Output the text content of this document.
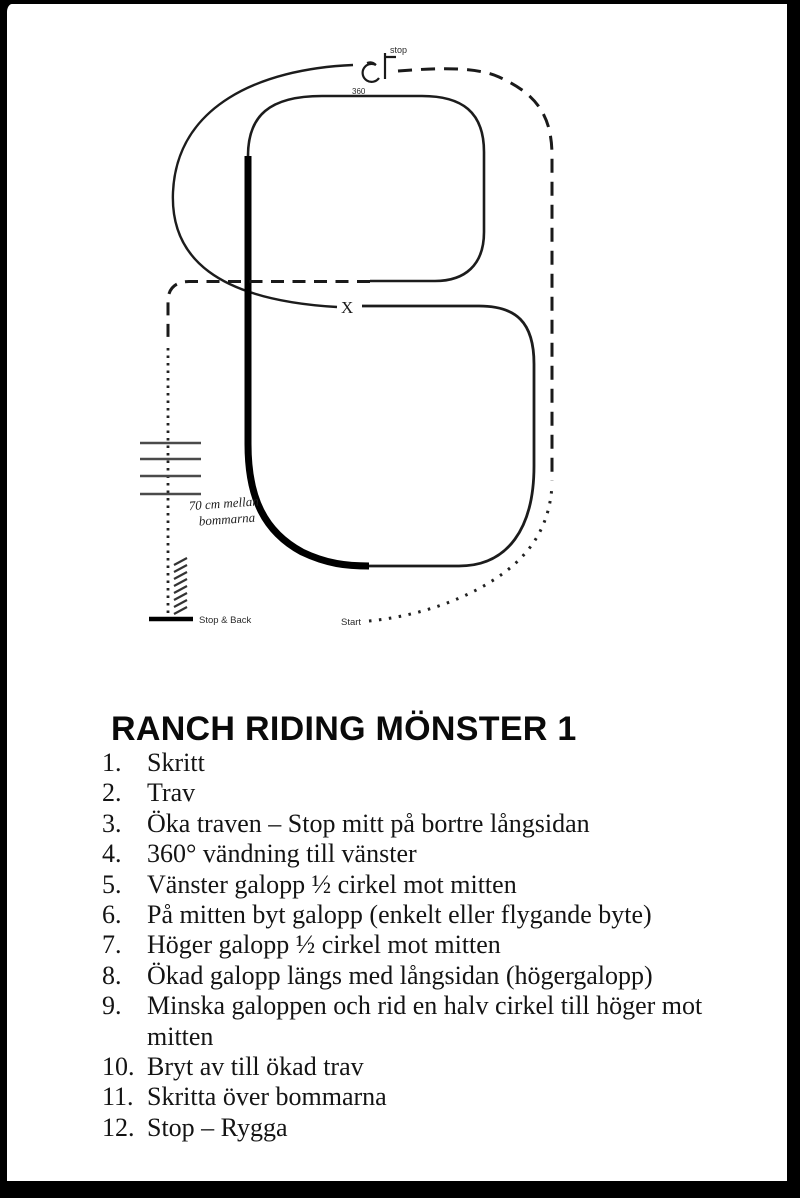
stop
360
X
70 cm mellan
bommarna
Stop & Back	Start
RANCH RIDING MÖNSTER 1
1. Skritt
2. Trav
3. Öka traven – Stop mitt på bortre långsidan
4. 360° vändning till vänster
5. Vänster galopp ½ cirkel mot mitten
6. På mitten byt galopp (enkelt eller flygande byte)
7. Höger galopp ½ cirkel mot mitten
8. Ökad galopp längs med långsidan (högergalopp)
9. Minska galoppen och rid en halv cirkel till höger mot mitten
10. Bryt av till ökad trav
11. Skritta över bommarna
12. Stop – Rygga
